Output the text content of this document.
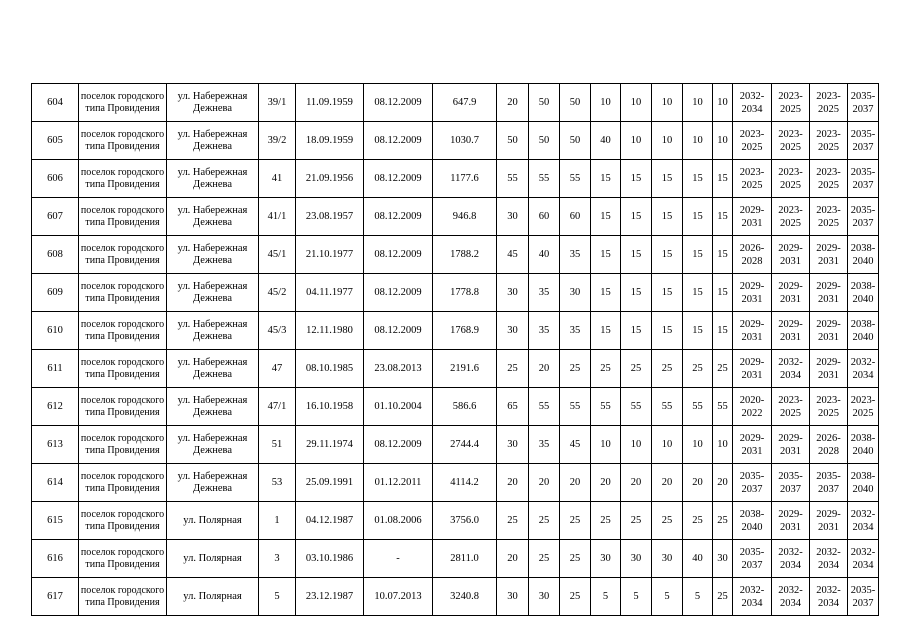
604	поселок городского типа Провидения	ул. Набережная Дежнева	39/1	11.09.1959	08.12.2009	647.9	20	50	50	10	10	10	10	10	2032-2034	2023-2025	2023-2025	2035-2037
605	поселок городского типа Провидения	ул. Набережная Дежнева	39/2	18.09.1959	08.12.2009	1030.7	50	50	50	40	10	10	10	10	2023-2025	2023-2025	2023-2025	2035-2037
606	поселок городского типа Провидения	ул. Набережная Дежнева	41	21.09.1956	08.12.2009	1177.6	55	55	55	15	15	15	15	15	2023-2025	2023-2025	2023-2025	2035-2037
607	поселок городского типа Провидения	ул. Набережная Дежнева	41/1	23.08.1957	08.12.2009	946.8	30	60	60	15	15	15	15	15	2029-2031	2023-2025	2023-2025	2035-2037
608	поселок городского типа Провидения	ул. Набережная Дежнева	45/1	21.10.1977	08.12.2009	1788.2	45	40	35	15	15	15	15	15	2026-2028	2029-2031	2029-2031	2038-2040
609	поселок городского типа Провидения	ул. Набережная Дежнева	45/2	04.11.1977	08.12.2009	1778.8	30	35	30	15	15	15	15	15	2029-2031	2029-2031	2029-2031	2038-2040
610	поселок городского типа Провидения	ул. Набережная Дежнева	45/3	12.11.1980	08.12.2009	1768.9	30	35	35	15	15	15	15	15	2029-2031	2029-2031	2029-2031	2038-2040
611	поселок городского типа Провидения	ул. Набережная Дежнева	47	08.10.1985	23.08.2013	2191.6	25	20	25	25	25	25	25	25	2029-2031	2032-2034	2029-2031	2032-2034
612	поселок городского типа Провидения	ул. Набережная Дежнева	47/1	16.10.1958	01.10.2004	586.6	65	55	55	55	55	55	55	55	2020-2022	2023-2025	2023-2025	2023-2025
613	поселок городского типа Провидения	ул. Набережная Дежнева	51	29.11.1974	08.12.2009	2744.4	30	35	45	10	10	10	10	10	2029-2031	2029-2031	2026-2028	2038-2040
614	поселок городского типа Провидения	ул. Набережная Дежнева	53	25.09.1991	01.12.2011	4114.2	20	20	20	20	20	20	20	20	2035-2037	2035-2037	2035-2037	2038-2040
615	поселок городского типа Провидения	ул. Полярная	1	04.12.1987	01.08.2006	3756.0	25	25	25	25	25	25	25	25	2038-2040	2029-2031	2029-2031	2032-2034
616	поселок городского типа Провидения	ул. Полярная	3	03.10.1986	-	2811.0	20	25	25	30	30	30	40	30	2035-2037	2032-2034	2032-2034	2032-2034
617	поселок городского типа Провидения	ул. Полярная	5	23.12.1987	10.07.2013	3240.8	30	30	25	5	5	5	5	25	2032-2034	2032-2034	2032-2034	2035-2037
